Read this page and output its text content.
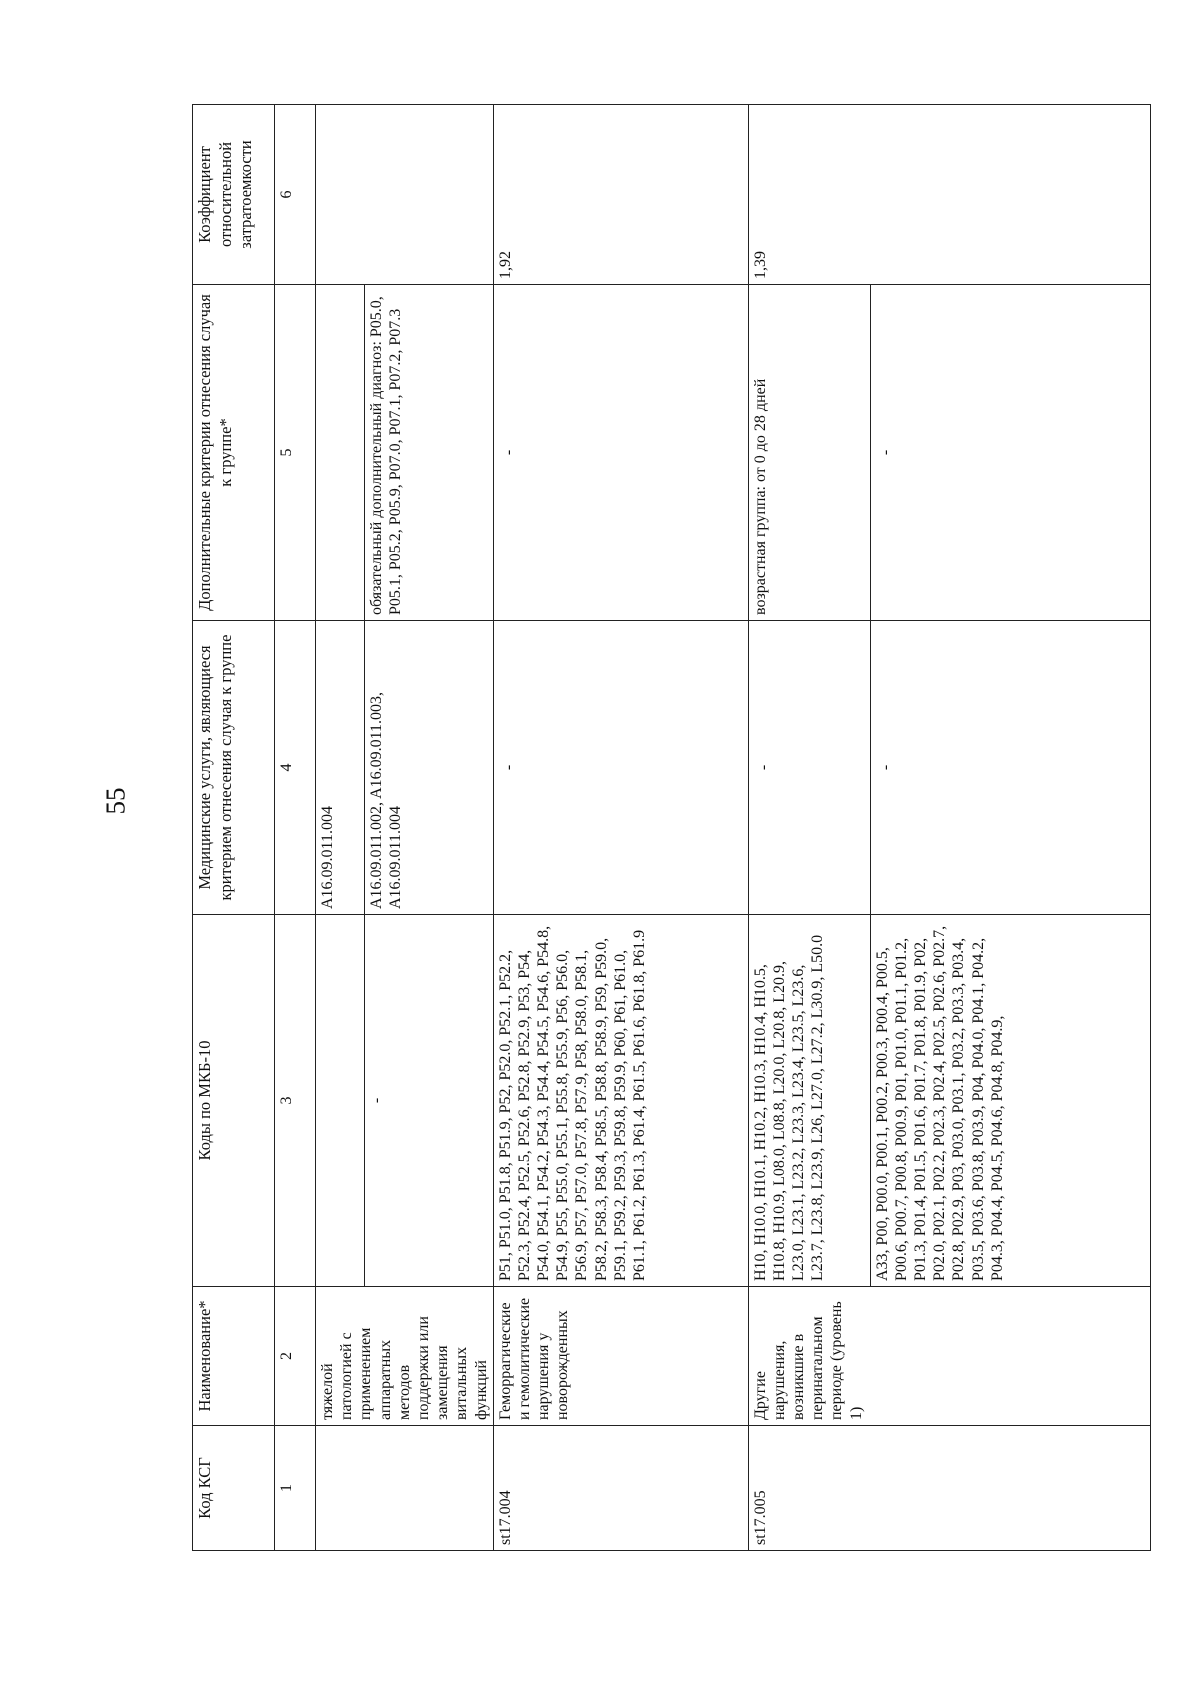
55
Код КСГ	Наименование*	Коды по МКБ-10	Медицинские услуги, являющиеся критерием отнесения случая к группе	Дополнительные критерии отнесения случая к группе*	Коэффициент относительной затратоемкости
1	2	3	4	5	6
	тяжелой патологией с применением аппаратных методов поддержки или замещения витальных функций		A16.09.011.004		
		-	A16.09.011.002, A16.09.011.003, A16.09.011.004	обязательный дополнительный диагноз: P05.0, P05.1, P05.2, P05.9, P07.0, P07.1, P07.2, P07.3	
st17.004	Геморрагические и гемолитические нарушения у новорожденных	P51, P51.0, P51.8, P51.9, P52, P52.0, P52.1, P52.2, P52.3, P52.4, P52.5, P52.6, P52.8, P52.9, P53, P54, P54.0, P54.1, P54.2, P54.3, P54.4, P54.5, P54.6, P54.8, P54.9, P55, P55.0, P55.1, P55.8, P55.9, P56, P56.0, P56.9, P57, P57.0, P57.8, P57.9, P58, P58.0, P58.1, P58.2, P58.3, P58.4, P58.5, P58.8, P58.9, P59, P59.0, P59.1, P59.2, P59.3, P59.8, P59.9, P60, P61, P61.0, P61.1, P61.2, P61.3, P61.4, P61.5, P61.6, P61.8, P61.9	-	-	1,92
st17.005	Другие нарушения, возникшие в перинатальном периоде (уровень 1)	H10, H10.0, H10.1, H10.2, H10.3, H10.4, H10.5, H10.8, H10.9, L08.0, L08.8, L20.0, L20.8, L20.9, L23.0, L23.1, L23.2, L23.3, L23.4, L23.5, L23.6, L23.7, L23.8, L23.9, L26, L27.0, L27.2, L30.9, L50.0	-	возрастная группа: от 0 до 28 дней	1,39
		A33, P00, P00.0, P00.1, P00.2, P00.3, P00.4, P00.5, P00.6, P00.7, P00.8, P00.9, P01, P01.0, P01.1, P01.2, P01.3, P01.4, P01.5, P01.6, P01.7, P01.8, P01.9, P02, P02.0, P02.1, P02.2, P02.3, P02.4, P02.5, P02.6, P02.7, P02.8, P02.9, P03, P03.0, P03.1, P03.2, P03.3, P03.4, P03.5, P03.6, P03.8, P03.9, P04, P04.0, P04.1, P04.2, P04.3, P04.4, P04.5, P04.6, P04.8, P04.9,	-	-	
